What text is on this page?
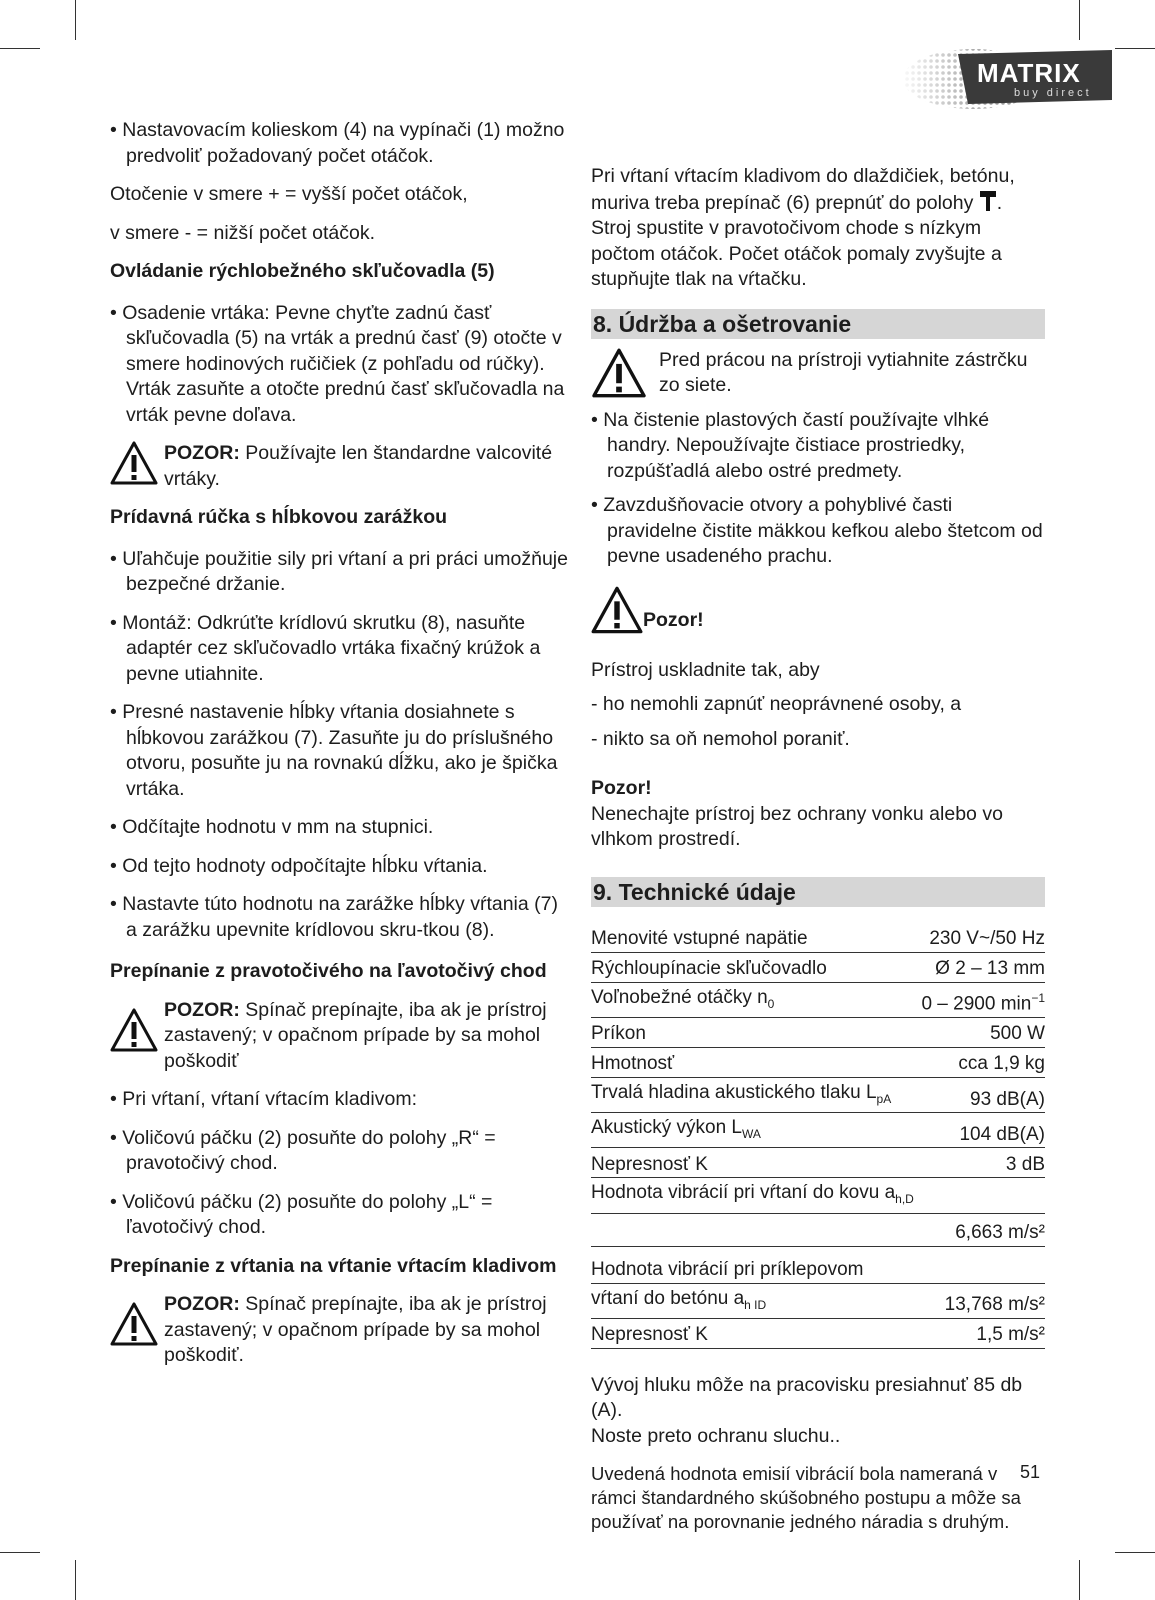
MATRIX
buy direct

• Nastavovacím kolieskom (4) na vypínači (1) možno predvoliť požadovaný počet otáčok.

Otočenie v smere + = vyšší počet otáčok,

v smere - = nižší počet otáčok.

Ovládanie rýchlobežného skľučovadla (5)

• Osadenie vrtáka: Pevne chyťte zadnú časť skľučovadla (5) na vrták a prednú časť (9) otočte v smere hodinových ručičiek (z pohľadu od rúčky). Vrták zasuňte a otočte prednú časť skľučovadla na vrták pevne doľava.

POZOR: Používajte len štandardne valcovité vrtáky.

Prídavná rúčka s hĺbkovou zarážkou

• Uľahčuje použitie sily pri vŕtaní a pri práci umožňuje bezpečné držanie.

• Montáž: Odkrúťte krídlovú skrutku (8), nasuňte adaptér cez skľučovadlo vrtáka fixačný krúžok a pevne utiahnite.

• Presné nastavenie hĺbky vŕtania dosiahnete s hĺbkovou zarážkou (7). Zasuňte ju do príslušného otvoru, posuňte ju na rovnakú dĺžku, ako je špička vrtáka.

• Odčítajte hodnotu v mm na stupnici.

• Od tejto hodnoty odpočítajte hĺbku vŕtania.

• Nastavte túto hodnotu na zarážke hĺbky vŕtania (7) a zarážku upevnite krídlovou skru-tkou (8).

Prepínanie z pravotočivého na ľavotočivý chod

POZOR: Spínač prepínajte, iba ak je prístroj zastavený; v opačnom prípade by sa mohol poškodiť

• Pri vŕtaní, vŕtaní vŕtacím kladivom:

• Voličovú páčku (2) posuňte do polohy „R“ = pravotočivý chod.

• Voličovú páčku (2) posuňte do polohy „L“ = ľavotočivý chod.

Prepínanie z vŕtania na vŕtanie vŕtacím kladivom

POZOR: Spínač prepínajte, iba ak je prístroj zastavený; v opačnom prípade by sa mohol poškodiť.

Pri vŕtaní vŕtacím kladivom do dlaždičiek, betónu, muriva treba prepínač (6) prepnúť do polohy . Stroj spustite v pravotočivom chode s nízkym počtom otáčok. Počet otáčok pomaly zvyšujte a stupňujte tlak na vŕtačku.

8. Údržba a ošetrovanie

Pred prácou na prístroji vytiahnite zástrčku zo siete.

• Na čistenie plastových častí používajte vlhké handry. Nepoužívajte čistiace prostriedky, rozpúšťadlá alebo ostré predmety.

• Zavzdušňovacie otvory a pohyblivé časti pravidelne čistite mäkkou kefkou alebo štetcom od pevne usadeného prachu.

Pozor!

Prístroj uskladnite tak, aby

- ho nemohli zapnúť neoprávnené osoby, a

- nikto sa oň nemohol poraniť.

Pozor!

Nenechajte prístroj bez ochrany vonku alebo vo vlhkom prostredí.

9. Technické údaje

Menovité vstupné napätie	230 V~/50 Hz
Rýchloupínacie skľučovadlo	Ø 2 – 13 mm
Voľnobežné otáčky $n_0$	0 – 2900 $\min^{-1}$
Príkon	500 W
Hmotnosť	cca 1,9 kg
Trvalá hladina akustického tlaku $L_{pA}$	93 dB(A)
Akustický výkon $L_{WA}$	104 dB(A)
Nepresnosť K	3 dB
Hodnota vibrácií pri vŕtaní do kovu $a_{h,D}$
	6,663 m/s²
Hodnota vibrácií pri príklepovom	
vŕtaní do betónu $a_{h ID}$	13,768 m/s²
Nepresnosť K	1,5 m/s²

Vývoj hluku môže na pracovisku presiahnuť 85 db (A).

Noste preto ochranu sluchu..

Uvedená hodnota emisií vibrácií bola nameraná v rámci štandardného skúšobného postupu a môže sa používať na porovnanie jedného náradia s druhým.

51
